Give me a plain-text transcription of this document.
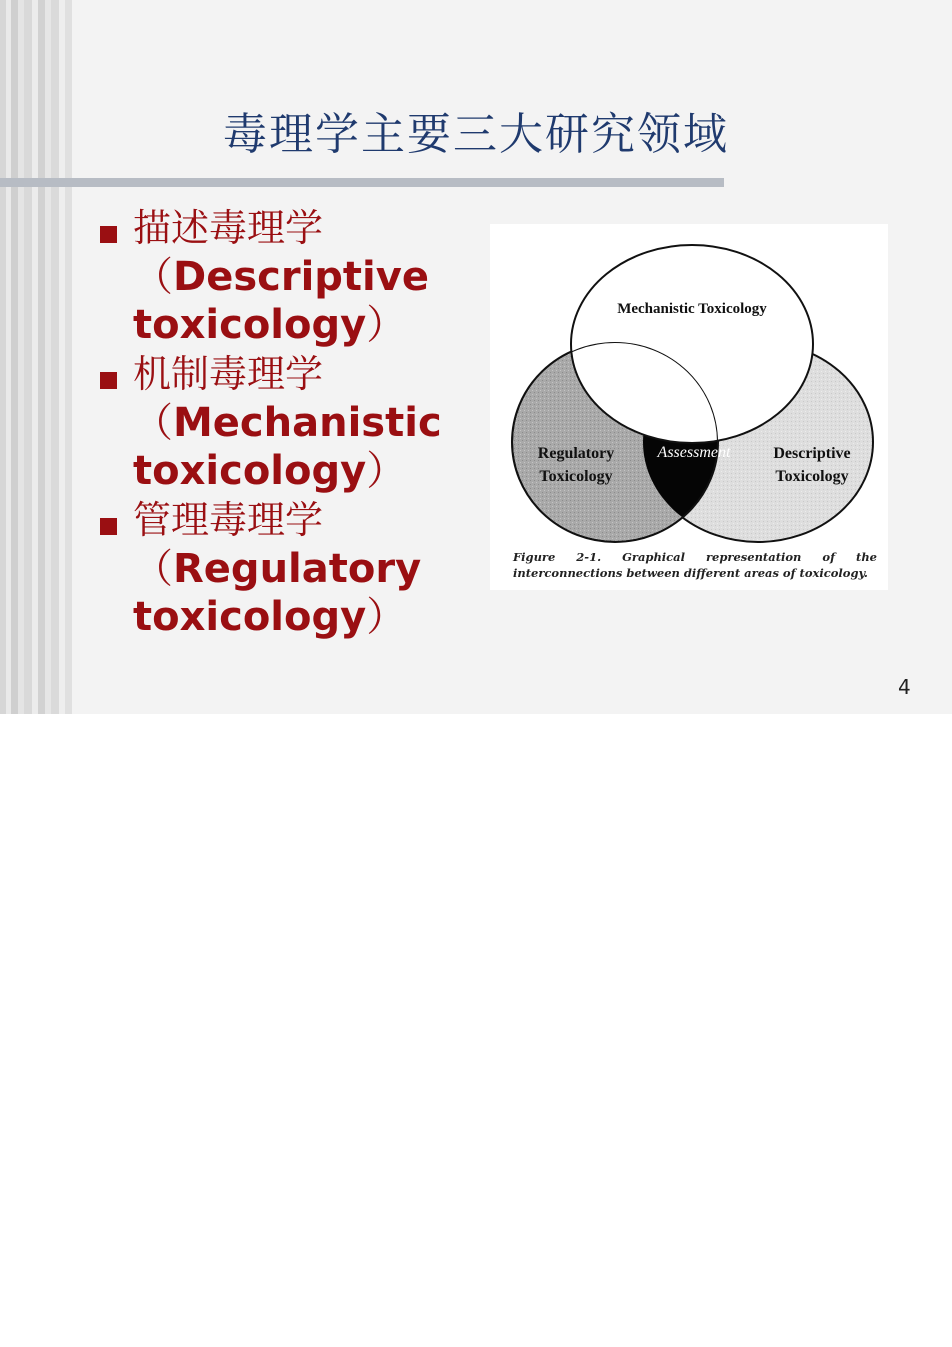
毒理学主要三大研究领域
描述毒理学
（Descriptive
toxicology）
机制毒理学
（Mechanistic
toxicology）
管理毒理学
（Regulatory
toxicology）
Mechanistic Toxicology
Regulatory
Toxicology
Descriptive
Toxicology
Risk
Assessment
Figure 2-1. Graphical representation of the interconnections between different areas of toxicology.
4
